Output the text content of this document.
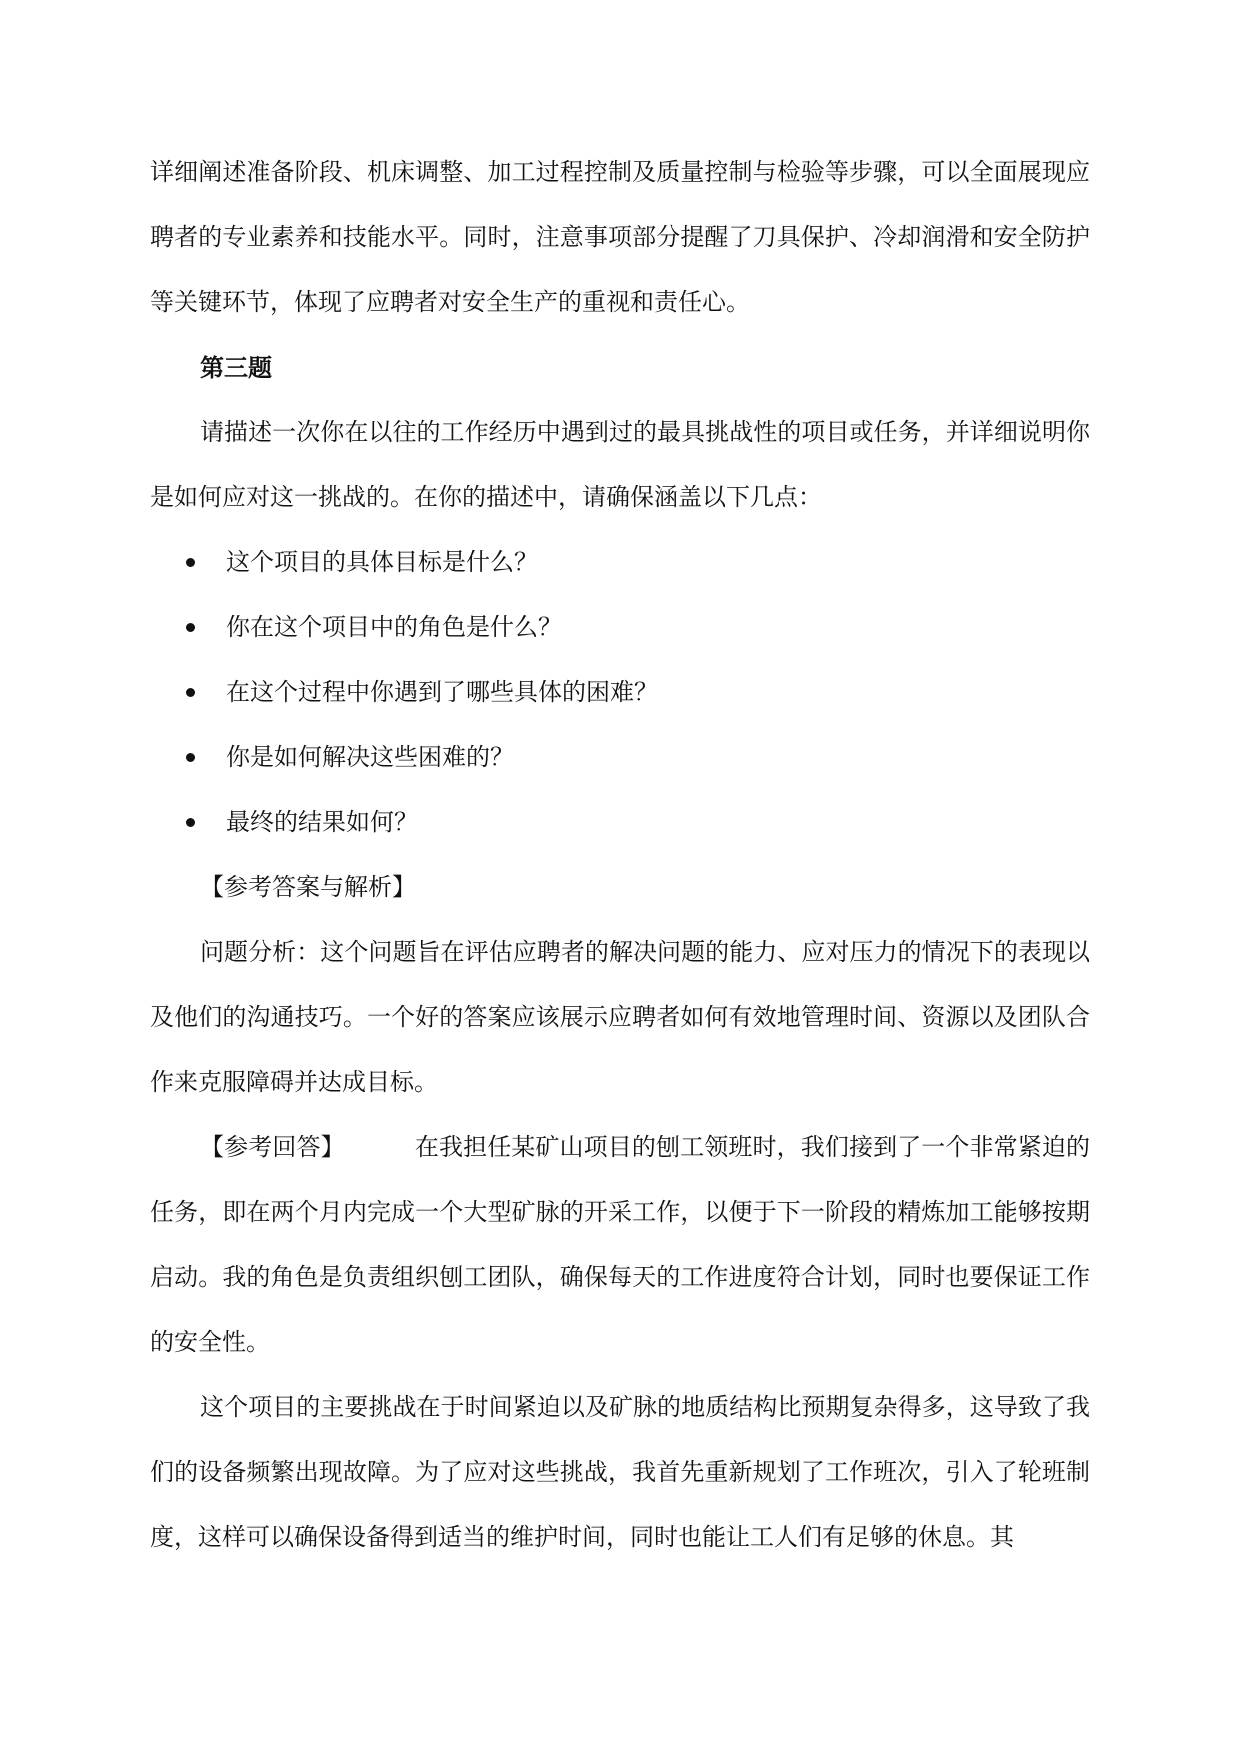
详细阐述准备阶段、机床调整、加工过程控制及质量控制与检验等步骤，可以全面展现应聘者的专业素养和技能水平。同时，注意事项部分提醒了刀具保护、冷却润滑和安全防护等关键环节，体现了应聘者对安全生产的重视和责任心。

第三题

请描述一次你在以往的工作经历中遇到过的最具挑战性的项目或任务，并详细说明你是如何应对这一挑战的。在你的描述中，请确保涵盖以下几点：

这个项目的具体目标是什么？
你在这个项目中的角色是什么？
在这个过程中你遇到了哪些具体的困难？
你是如何解决这些困难的？
最终的结果如何？

【参考答案与解析】

问题分析：这个问题旨在评估应聘者的解决问题的能力、应对压力的情况下的表现以及他们的沟通技巧。一个好的答案应该展示应聘者如何有效地管理时间、资源以及团队合作来克服障碍并达成目标。

【参考回答】	在我担任某矿山项目的刨工领班时，我们接到了一个非常紧迫的任务，即在两个月内完成一个大型矿脉的开采工作，以便于下一阶段的精炼加工能够按期启动。我的角色是负责组织刨工团队，确保每天的工作进度符合计划，同时也要保证工作的安全性。

这个项目的主要挑战在于时间紧迫以及矿脉的地质结构比预期复杂得多，这导致了我们的设备频繁出现故障。为了应对这些挑战，我首先重新规划了工作班次，引入了轮班制度，这样可以确保设备得到适当的维护时间，同时也能让工人们有足够的休息。其
